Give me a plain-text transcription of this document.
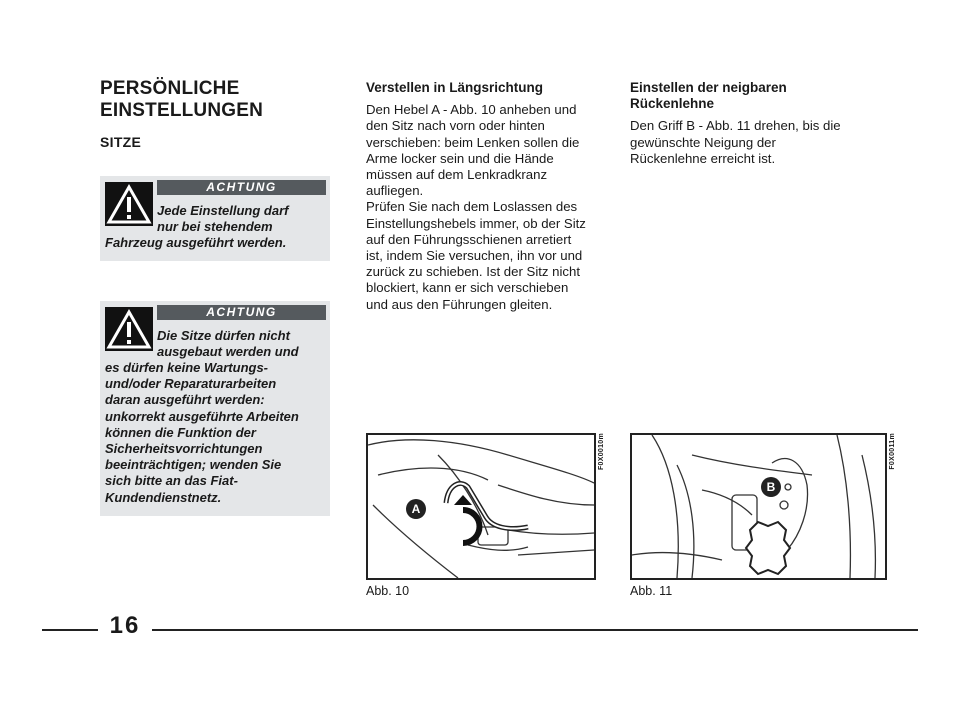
PERSÖNLICHE
EINSTELLUNGEN
SITZE
ACHTUNG
Jede Einstellung darf
nur bei stehendem
Fahrzeug ausgeführt werden.
ACHTUNG
Die Sitze dürfen nicht
ausgebaut werden und
es dürfen keine Wartungs-
und/oder Reparaturarbeiten
daran ausgeführt werden:
unkorrekt ausgeführte Arbeiten
können die Funktion der
Sicherheitsvorrichtungen
beeinträchtigen; wenden Sie
sich bitte an das Fiat-
Kundendienstnetz.
Verstellen in Längsrichtung

Den Hebel A - Abb. 10 anheben und
den Sitz nach vorn oder hinten
verschieben: beim Lenken sollen die
Arme locker sein und die Hände
müssen auf dem Lenkradkranz
aufliegen.
Prüfen Sie nach dem Loslassen des
Einstellungshebels immer, ob der Sitz
auf den Führungsschienen arretiert
ist, indem Sie versuchen, ihn vor und
zurück zu schieben. Ist der Sitz nicht
blockiert, kann er sich verschieben
und aus den Führungen gleiten.

Einstellen der neigbaren
Rückenlehne

Den Griff B - Abb. 11 drehen, bis die
gewünschte Neigung der
Rückenlehne erreicht ist.

A
F0X0010m
Abb. 10
B
F0X0011m
Abb. 11
16
